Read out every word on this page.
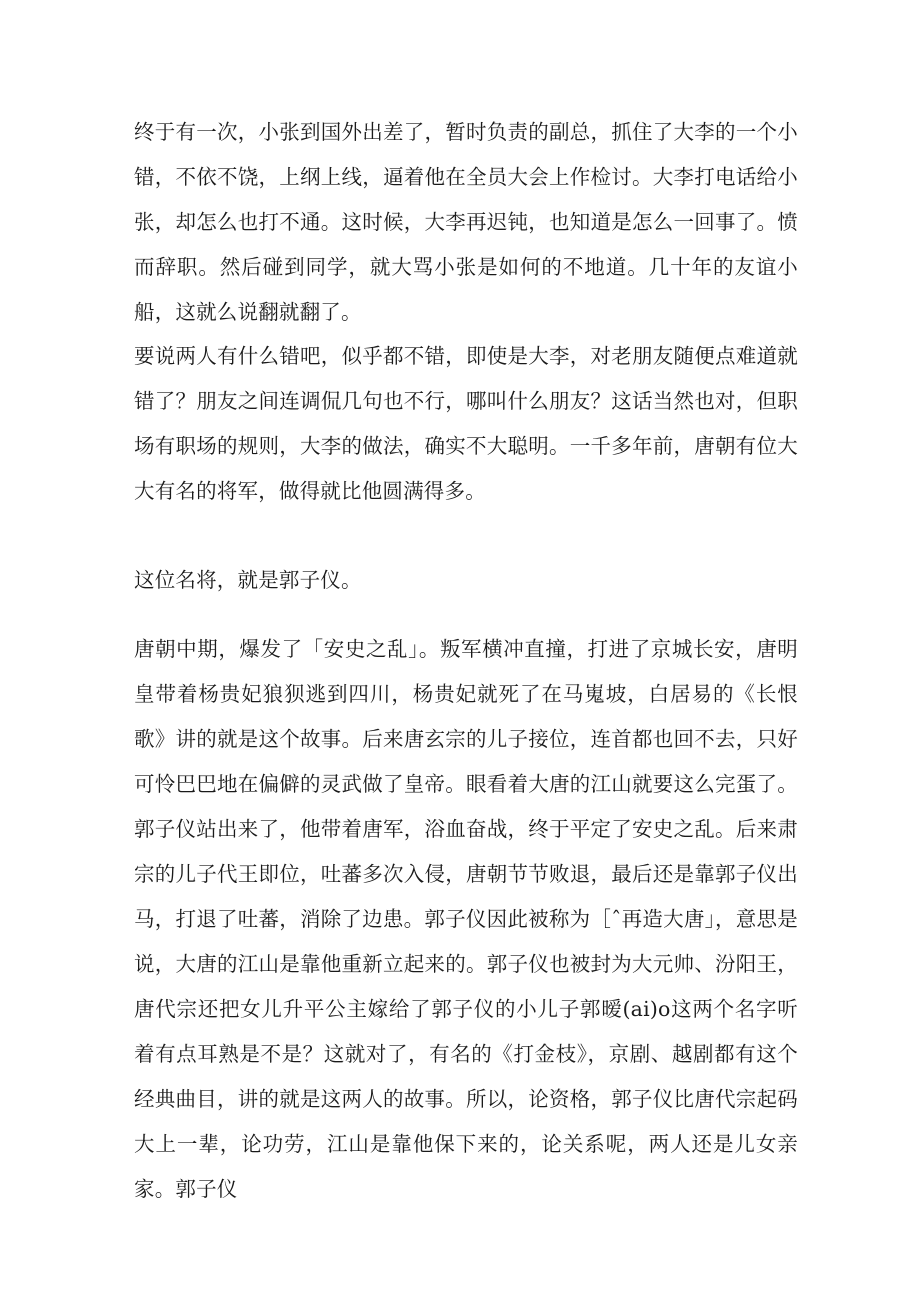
终于有一次，小张到国外出差了，暂时负责的副总，抓住了大李的一个小错，不依不饶，上纲上线，逼着他在全员大会上作检讨。大李打电话给小张，却怎么也打不通。这时候，大李再迟钝，也知道是怎么一回事了。愤而辞职。然后碰到同学，就大骂小张是如何的不地道。几十年的友谊小船，这就么说翻就翻了。

要说两人有什么错吧，似乎都不错，即使是大李，对老朋友随便点难道就错了？朋友之间连调侃几句也不行，哪叫什么朋友？这话当然也对，但职场有职场的规则，大李的做法，确实不大聪明。一千多年前，唐朝有位大大有名的将军，做得就比他圆满得多。

这位名将，就是郭子仪。

唐朝中期，爆发了「安史之乱」。叛军横冲直撞，打进了京城长安，唐明皇带着杨贵妃狼狈逃到四川，杨贵妃就死了在马嵬坡，白居易的《长恨歌》讲的就是这个故事。后来唐玄宗的儿子接位，连首都也回不去，只好可怜巴巴地在偏僻的灵武做了皇帝。眼看着大唐的江山就要这么完蛋了。郭子仪站出来了，他带着唐军，浴血奋战，终于平定了安史之乱。后来肃宗的儿子代王即位，吐蕃多次入侵，唐朝节节败退，最后还是靠郭子仪出马，打退了吐蕃，消除了边患。郭子仪因此被称为［ˆ再造大唐」，意思是说，大唐的江山是靠他重新立起来的。郭子仪也被封为大元帅、汾阳王，唐代宗还把女儿升平公主嫁给了郭子仪的小儿子郭暧(ai)o这两个名字听着有点耳熟是不是？这就对了，有名的《打金枝》，京剧、越剧都有这个经典曲目，讲的就是这两人的故事。所以，论资格，郭子仪比唐代宗起码大上一辈，论功劳，江山是靠他保下来的，论关系呢，两人还是儿女亲家。郭子仪
